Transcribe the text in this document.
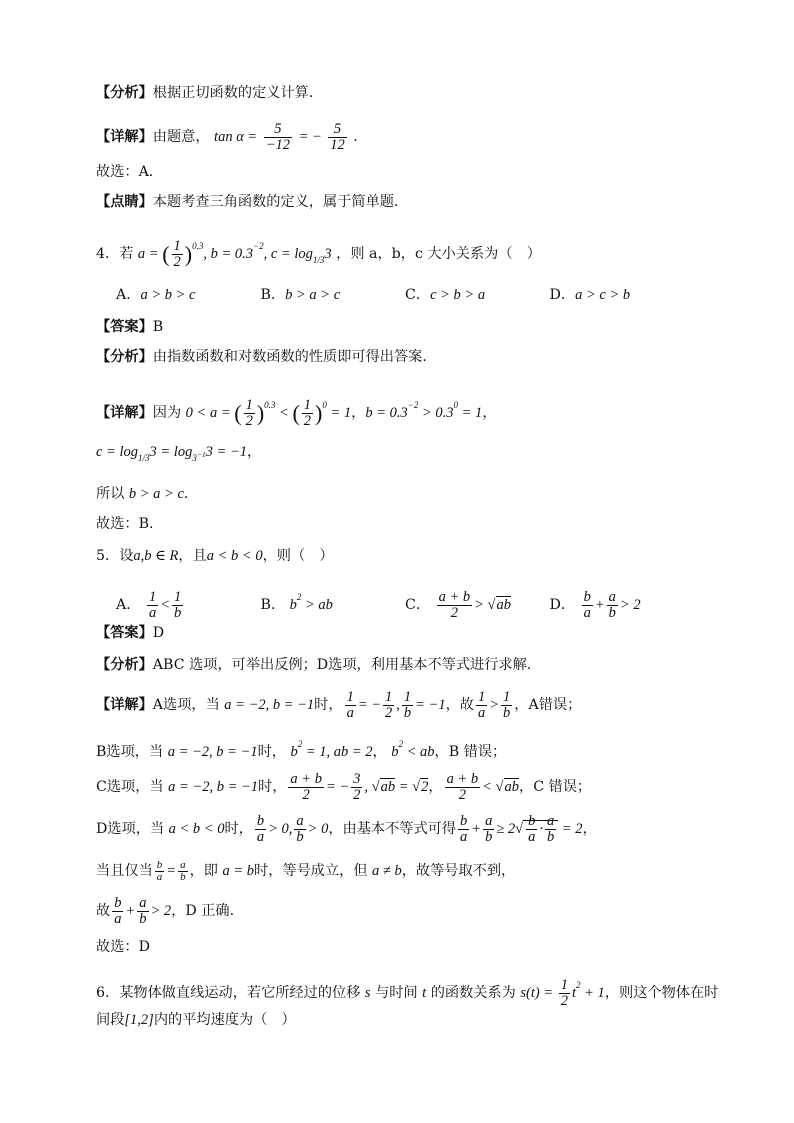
【分析】根据正切函数的定义计算．
【详解】由题意， $\tan \alpha = \frac{5}{-12}$ = − $\frac{5}{12}$ ．
故选：A．
【点睛】本题考查三角函数的定义，属于简单题．
4．若 a = ( $\frac{1}{2} )^{0.3}$, $b = 0.3^{-2}$, $c = \log_{1/3}3$ ，则 a，b，c 大小关系为（　）
A．a > b > c	B．b > a > c	C．c > b > a	D．a > c > b
【答案】B
【分析】由指数函数和对数函数的性质即可得出答案.
【详解】因为 0 < a = ( $\frac{1}{2} )^{0.3}$ < ( $\frac{1}{2} )^0 = 1$，$b = 0.3^{-2} > 0.3^0 = 1$，
$c = \log_{1/3}3 = \log_{3^{-1}}3 = -1$，
所以 b > a > c.
故选：B.
5．设a,b ∈ R，且a < b < 0，则（　）
A． $\frac{1}{a} < \frac{1}{b}$	B． $b^2$ > ab	C． $\frac{a + b}{2} > √ab$	D． $\frac{b}{a} + \frac{a}{b} > 2$
【答案】D
【分析】ABC 选项，可举出反例；D选项，利用基本不等式进行求解.
【详解】A选项，当 a = −2, b = −1时， $\frac{1}{a}$ = − $\frac{1}{2}$ , $\frac{1}{b} = -1$，故 $\frac{1}{a} > \frac{1}{b}$ ，A错误；
B选项，当 a = −2, b = −1时， $b^2 = 1$, ab = 2， $b^2$ < ab，B 错误；
C选项，当 a = −2, b = −1时， $\frac{a + b}{2}$ = − $\frac{3}{2}$ , √ab = √2， $\frac{a + b}{2} < √ab$，C 错误；
D选项，当 a < b < 0时， $\frac{b}{a} > 0$, $\frac{a}{b} > 0$，由基本不等式可得 $\frac{b}{a} + \frac{a}{b} \ge 2√ \frac{b}{a} \cdot \frac{a}{b} = 2$，
当且仅当 $\frac{b}{a} = \frac{a}{b}$ ，即 a = b时，等号成立，但 a ≠ b，故等号取不到，
故 $\frac{b}{a} + \frac{a}{b} > 2$，D 正确.
故选：D
6．某物体做直线运动，若它所经过的位移 s 与时间 t 的函数关系为 $s(t) = \frac{1}{2} t^2 + 1$，则这个物体在时
间段[1,2]内的平均速度为（　）
